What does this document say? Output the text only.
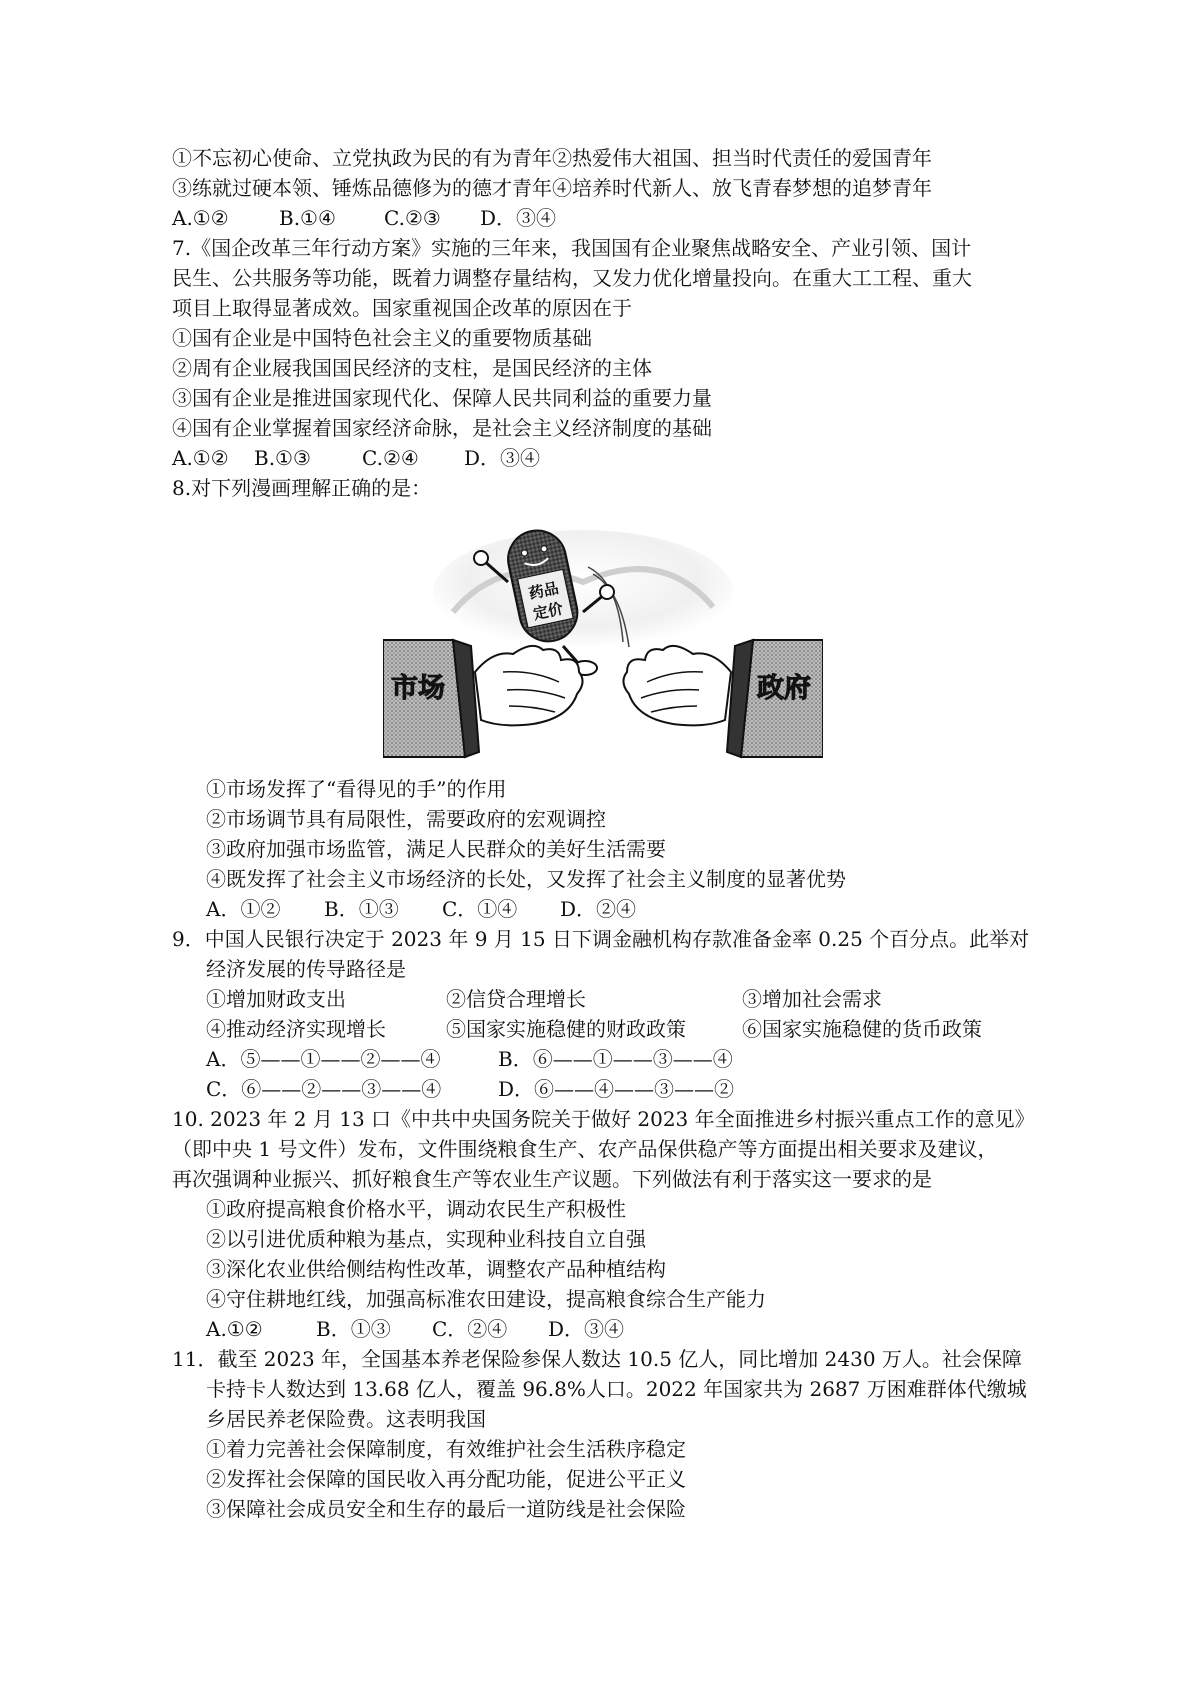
①不忘初心使命、立党执政为民的有为青年②热爱伟大祖国、担当时代责任的爱国青年
③练就过硬本领、锤炼品德修为的德才青年④培养时代新人、放飞青春梦想的追梦青年
A.①②	B.①④ C.②③ D．③④
7.《国企改革三年行动方案》实施的三年来，我国国有企业聚焦战略安全、产业引领、国计
民生、公共服务等功能，既着力调整存量结构，又发力优化增量投向。在重大工工程、重大
项目上取得显著成效。国家重视国企改革的原因在于
①国有企业是中国特色社会主义的重要物质基础
②周有企业屐我国国民经济的支柱，是国民经济的主体
③国有企业是推进国家现代化、保障人民共同利益的重要力量
④国有企业掌握着国家经济命脉，是社会主义经济制度的基础
A.①② B.①③	C.②④ D．③④
8.对下列漫画理解正确的是：
药品
定价
市场	政府
①市场发挥了“看得见的手”的作用
②市场调节具有局限性，需要政府的宏观调控
③政府加强市场监管，满足人民群众的美好生活需要
④既发挥了社会主义市场经济的长处，又发挥了社会主义制度的显著优势
A．①② B．①③ C．①④ D．②④
9．中国人民银行决定于 2023 年 9 月 15 日下调金融机构存款准备金率 0.25 个百分点。此举对
经济发展的传导路径是
①增加财政支出	②信贷合理增长	③增加社会需求
④推动经济实现增长	⑤国家实施稳健的财政政策	⑥国家实施稳健的货币政策
A．⑤——①——②——④	B．⑥——①——③——④
C．⑥——②——③——④	D．⑥——④——③——②
10. 2023 年 2 月 13 口《中共中央国务院关于做好 2023 年全面推进乡村振兴重点工作的意见》
（即中央 1 号文件）发布，文件围绕粮食生产、农产品保供稳产等方面提出相关要求及建议，
再次强调种业振兴、抓好粮食生产等农业生产议题。下列做法有利于落实这一要求的是
①政府提高粮食价格水平，调动农民生产积极性
②以引进优质种粮为基点，实现种业科技自立自强
③深化农业供给侧结构性改革，调整农产品种植结构
④守住耕地红线，加强高标准农田建设，提高粮食综合生产能力
A.①②	B．①③ C．②④ D．③④
11．截至 2023 年，全国基本养老保险参保人数达 10.5 亿人，同比增加 2430 万人。社会保障
卡持卡人数达到 13.68 亿人，覆盖 96.8%人口。2022 年国家共为 2687 万困难群体代缴城
乡居民养老保险费。这表明我国
①着力完善社会保障制度，有效维护社会生活秩序稳定
②发挥社会保障的国民收入再分配功能，促进公平正义
③保障社会成员安全和生存的最后一道防线是社会保险
